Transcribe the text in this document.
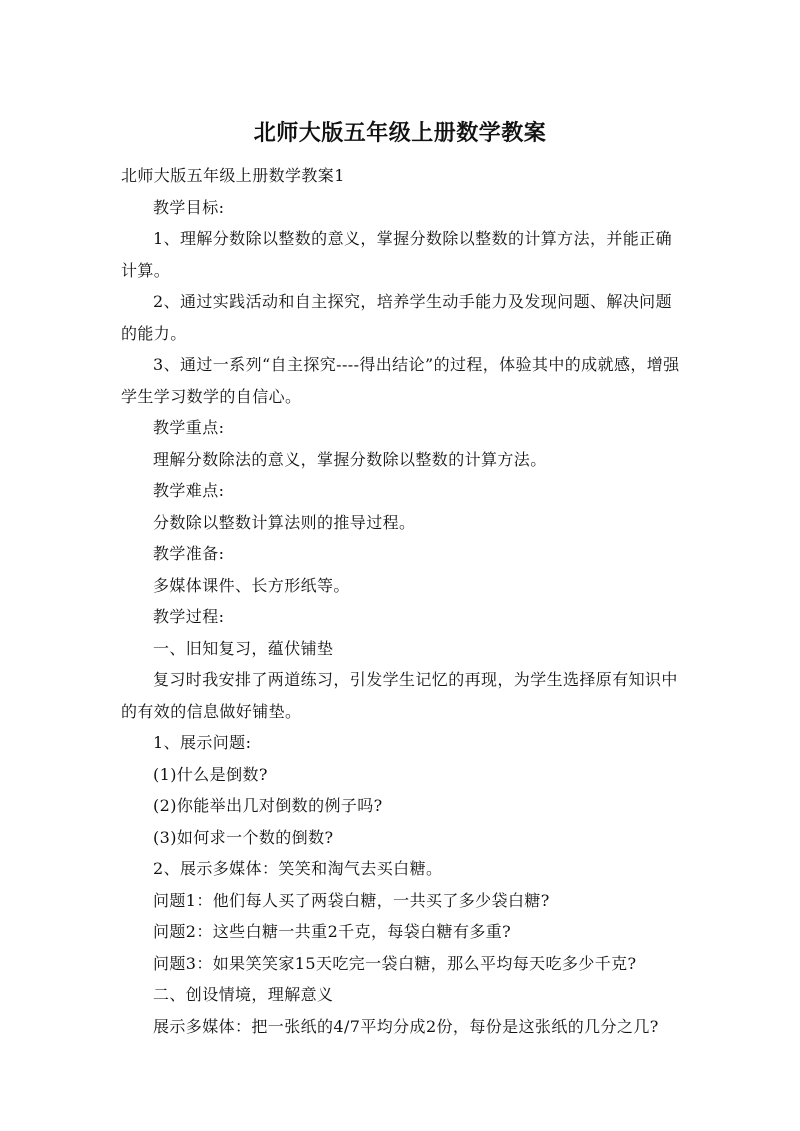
北师大版五年级上册数学教案
北师大版五年级上册数学教案1
教学目标:
1、理解分数除以整数的意义，掌握分数除以整数的计算方法，并能正确计算。
2、通过实践活动和自主探究，培养学生动手能力及发现问题、解决问题的能力。
3、通过一系列“自主探究----得出结论”的过程，体验其中的成就感，增强学生学习数学的自信心。
教学重点:
理解分数除法的意义，掌握分数除以整数的计算方法。
教学难点:
分数除以整数计算法则的推导过程。
教学准备:
多媒体课件、长方形纸等。
教学过程:
一、旧知复习，蕴伏铺垫
复习时我安排了两道练习，引发学生记忆的再现，为学生选择原有知识中的有效的信息做好铺垫。
1、展示问题:
(1)什么是倒数?
(2)你能举出几对倒数的例子吗?
(3)如何求一个数的倒数?
2、展示多媒体：笑笑和淘气去买白糖。
问题1：他们每人买了两袋白糖，一共买了多少袋白糖?
问题2：这些白糖一共重2千克，每袋白糖有多重?
问题3：如果笑笑家15天吃完一袋白糖，那么平均每天吃多少千克?
二、创设情境，理解意义
展示多媒体：把一张纸的4/7平均分成2份，每份是这张纸的几分之几?
